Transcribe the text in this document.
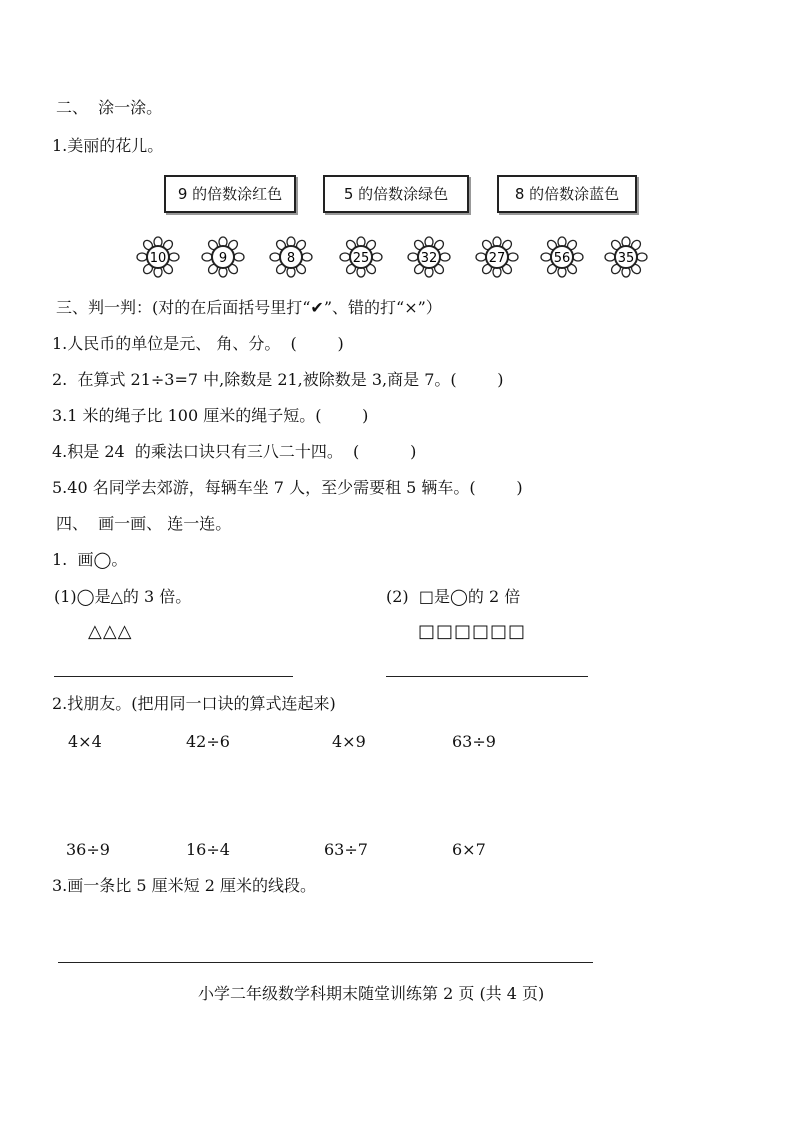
二、  涂一涂。
1.美丽的花儿。
9 的倍数涂红色	5 的倍数涂绿色	8 的倍数涂蓝色
10	9	8	25	32	27	56	35
三、判一判：(对的在后面括号里打“✔”、错的打“×”）
1.人民币的单位是元、 角、分。  (        )
2.  在算式 21÷3=7 中,除数是 21,被除数是 3,商是 7。(        )
3.1 米的绳子比 100 厘米的绳子短。(        )
4.积是 24  的乘法口诀只有三八二十四。  (          )
5.40 名同学去郊游，每辆车坐 7 人，至少需要租 5 辆车。(        )
四、  画一画、 连一连。
1.  画◯。
(1)◯是△的 3 倍。
△△△
(2)  □是◯的 2 倍
□□□□□□
2.找朋友。(把用同一口诀的算式连起来)
4×4	42÷6	4×9	63÷9
36÷9	16÷4	63÷7	6×7
3.画一条比 5 厘米短 2 厘米的线段。
小学二年级数学科期末随堂训练第 2 页 (共 4 页)
